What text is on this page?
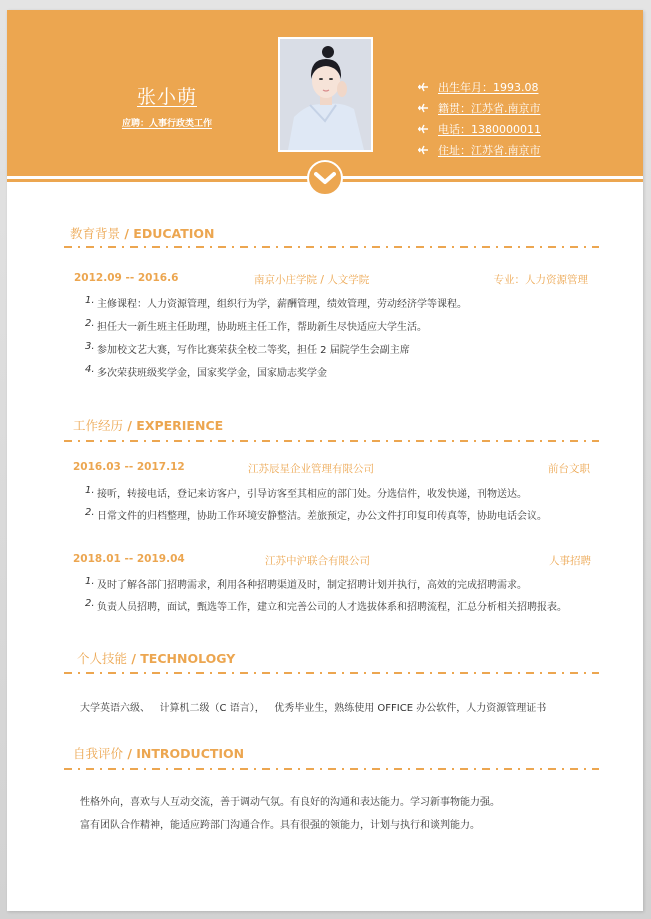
张小萌
应聘：人事行政类工作
出生年月：1993.08
籍贯：江苏省.南京市
电话：1380000011
住址：江苏省.南京市
教育背景 / EDUCATION
2012.09 -- 2016.6	南京小庄学院 / 人文学院	专业：人力资源管理
1. 主修课程：人力资源管理，组织行为学，薪酬管理，绩效管理，劳动经济学等课程。
2. 担任大一新生班主任助理，协助班主任工作，帮助新生尽快适应大学生活。
3. 参加校文艺大赛，写作比赛荣获全校二等奖，担任 2 届院学生会副主席
4. 多次荣获班级奖学金，国家奖学金，国家励志奖学金
工作经历 / EXPERIENCE
2016.03 -- 2017.12	江苏辰星企业管理有限公司	前台文职
1. 接听，转接电话，登记来访客户，引导访客至其相应的部门处。分选信件，收发快递，刊物送达。
2. 日常文件的归档整理，协助工作环境安静整洁。差旅预定，办公文件打印复印传真等，协助电话会议。
2018.01 -- 2019.04	江苏中沪联合有限公司	人事招聘
1. 及时了解各部门招聘需求，利用各种招聘渠道及时，制定招聘计划并执行，高效的完成招聘需求。
2. 负责人员招聘，面试，甄选等工作，建立和完善公司的人才选拔体系和招聘流程，汇总分析相关招聘报表。
个人技能 / TECHNOLOGY
大学英语六级、   计算机二级（C 语言），   优秀毕业生，熟练使用 OFFICE 办公软件，人力资源管理证书
自我评价 / INTRODUCTION
性格外向，喜欢与人互动交流，善于调动气氛。有良好的沟通和表达能力。学习新事物能力强。
富有团队合作精神，能适应跨部门沟通合作。具有很强的领能力，计划与执行和谈判能力。
